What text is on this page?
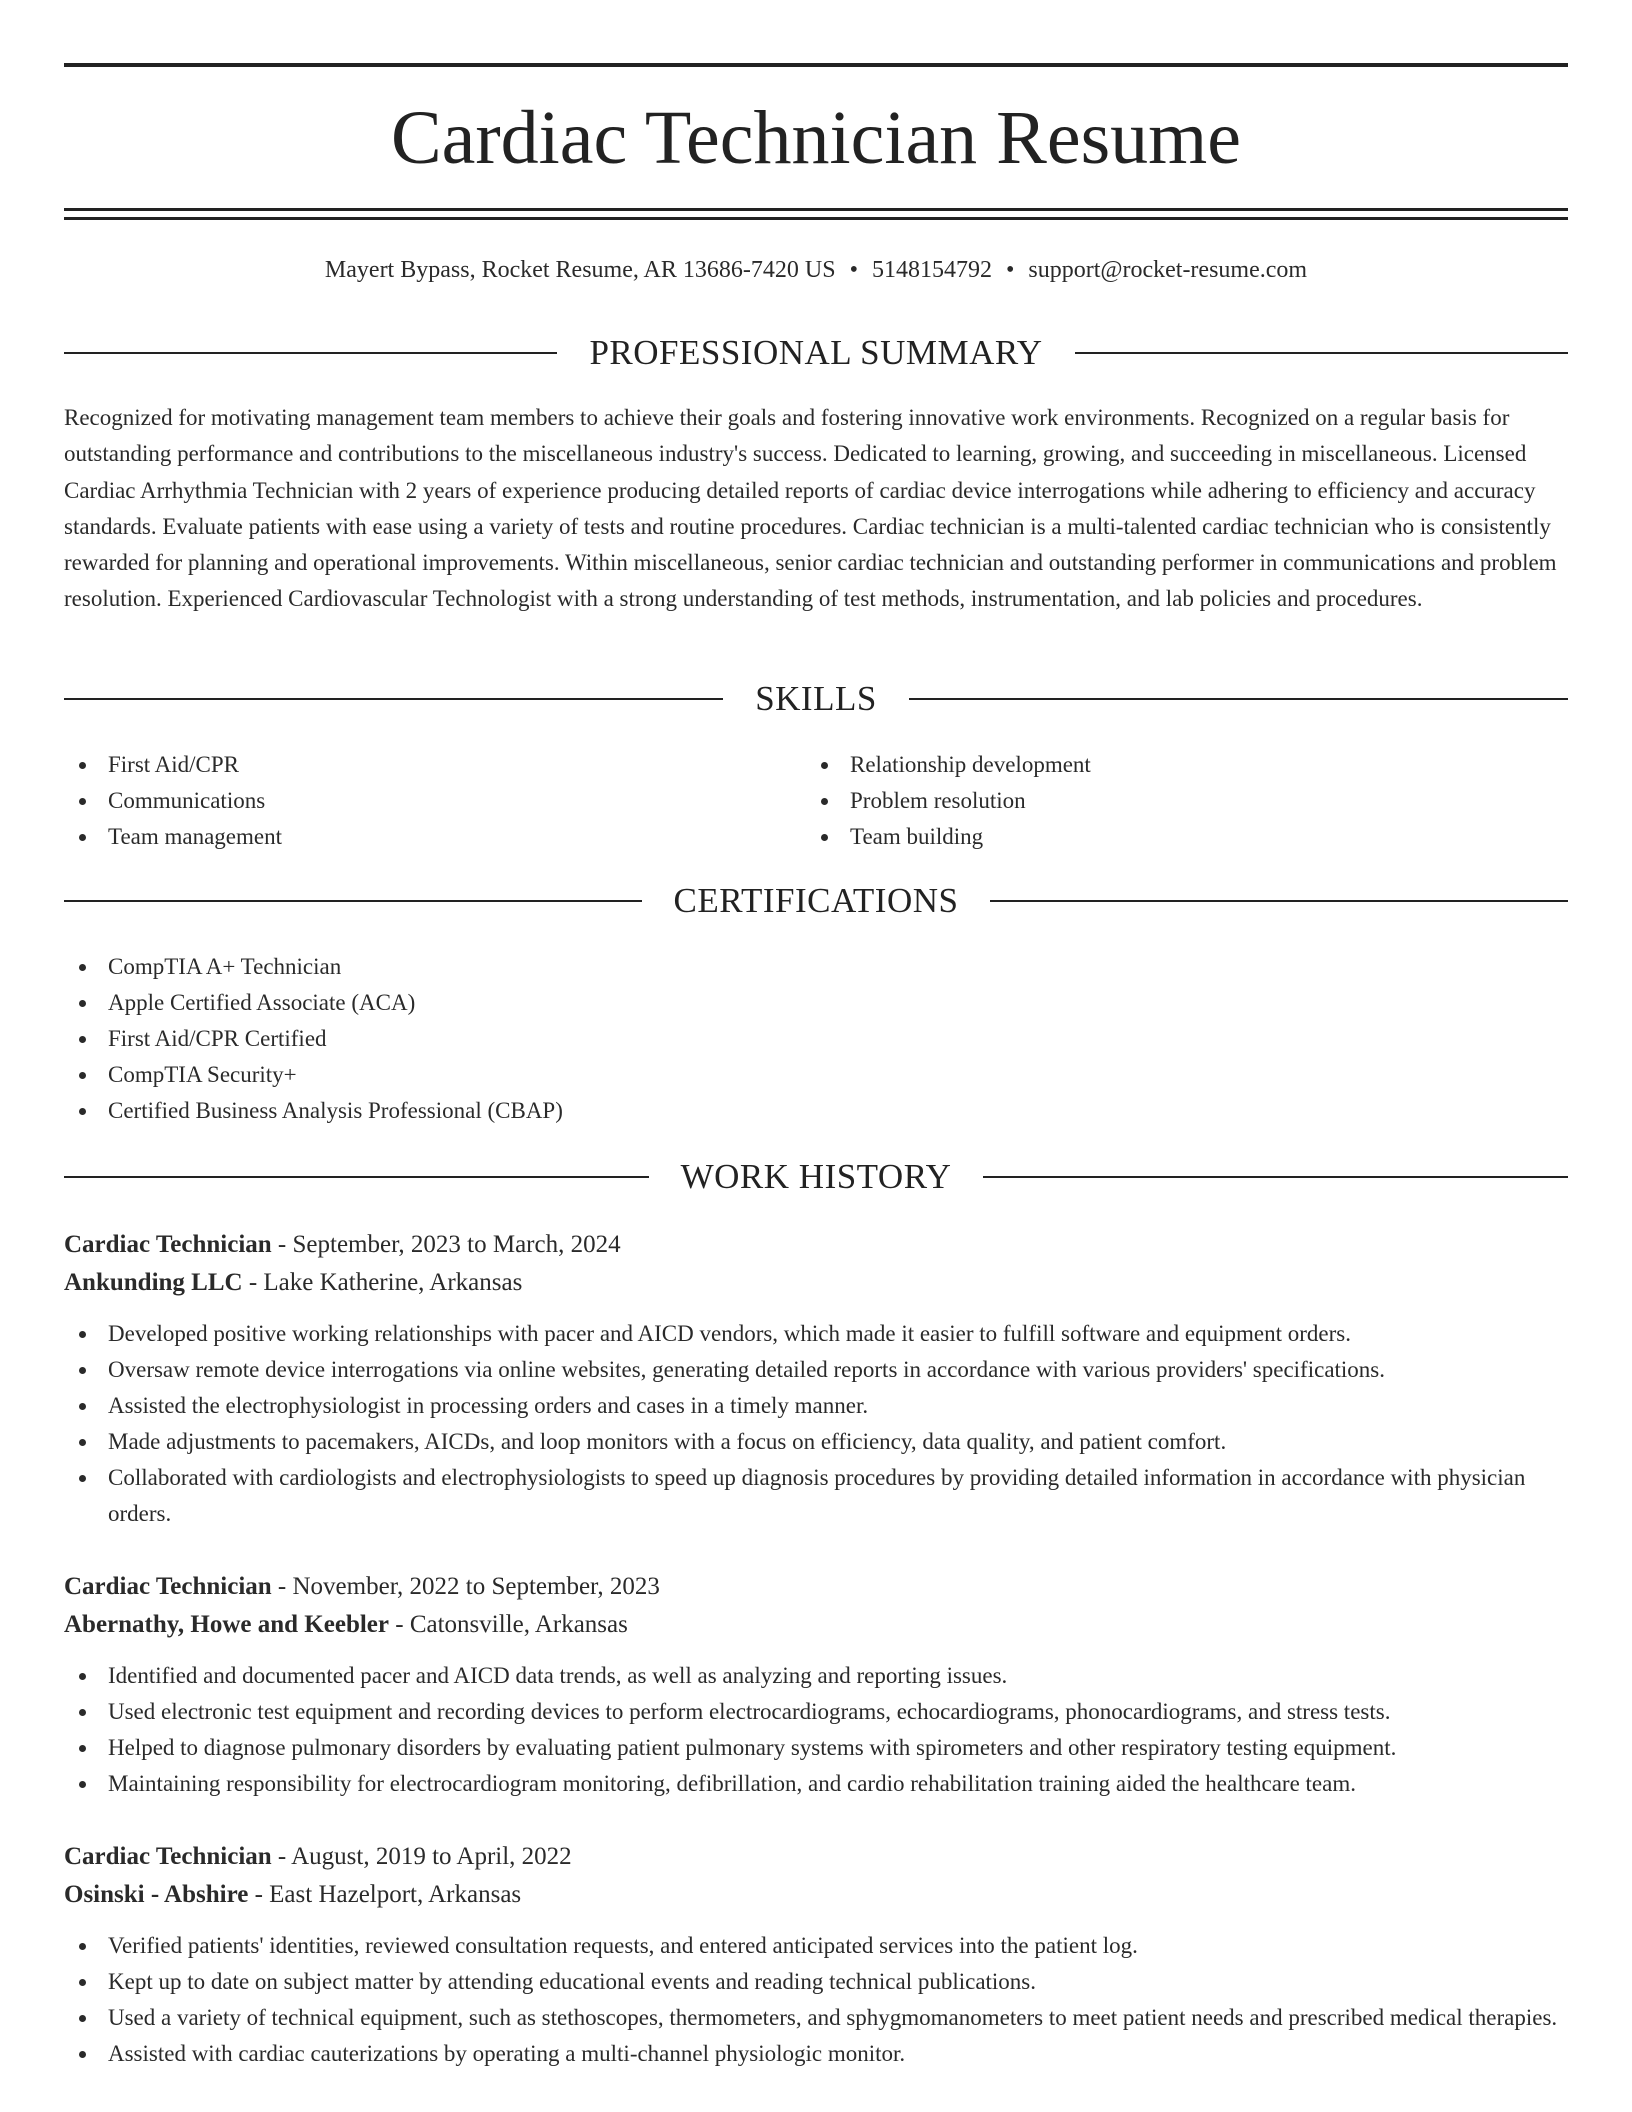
Cardiac Technician Resume
Mayert Bypass, Rocket Resume, AR 13686-7420 US • 5148154792 • support@rocket-resume.com
PROFESSIONAL SUMMARY

Recognized for motivating management team members to achieve their goals and fostering innovative work environments. Recognized on a regular basis for outstanding performance and contributions to the miscellaneous industry's success. Dedicated to learning, growing, and succeeding in miscellaneous. Licensed Cardiac Arrhythmia Technician with 2 years of experience producing detailed reports of cardiac device interrogations while adhering to efficiency and accuracy standards. Evaluate patients with ease using a variety of tests and routine procedures. Cardiac technician is a multi-talented cardiac technician who is consistently rewarded for planning and operational improvements. Within miscellaneous, senior cardiac technician and outstanding performer in communications and problem resolution. Experienced Cardiovascular Technologist with a strong understanding of test methods, instrumentation, and lab policies and procedures.

SKILLS
First Aid/CPR
Communications
Team management
Relationship development
Problem resolution
Team building
CERTIFICATIONS
CompTIA A+ Technician
Apple Certified Associate (ACA)
First Aid/CPR Certified
CompTIA Security+
Certified Business Analysis Professional (CBAP)
WORK HISTORY
Cardiac Technician - September, 2023 to March, 2024
Ankunding LLC - Lake Katherine, Arkansas
Developed positive working relationships with pacer and AICD vendors, which made it easier to fulfill software and equipment orders.
Oversaw remote device interrogations via online websites, generating detailed reports in accordance with various providers' specifications.
Assisted the electrophysiologist in processing orders and cases in a timely manner.
Made adjustments to pacemakers, AICDs, and loop monitors with a focus on efficiency, data quality, and patient comfort.
Collaborated with cardiologists and electrophysiologists to speed up diagnosis procedures by providing detailed information in accordance with physician orders.
Cardiac Technician - November, 2022 to September, 2023
Abernathy, Howe and Keebler - Catonsville, Arkansas
Identified and documented pacer and AICD data trends, as well as analyzing and reporting issues.
Used electronic test equipment and recording devices to perform electrocardiograms, echocardiograms, phonocardiograms, and stress tests.
Helped to diagnose pulmonary disorders by evaluating patient pulmonary systems with spirometers and other respiratory testing equipment.
Maintaining responsibility for electrocardiogram monitoring, defibrillation, and cardio rehabilitation training aided the healthcare team.
Cardiac Technician - August, 2019 to April, 2022
Osinski - Abshire - East Hazelport, Arkansas
Verified patients' identities, reviewed consultation requests, and entered anticipated services into the patient log.
Kept up to date on subject matter by attending educational events and reading technical publications.
Used a variety of technical equipment, such as stethoscopes, thermometers, and sphygmomanometers to meet patient needs and prescribed medical therapies.
Assisted with cardiac cauterizations by operating a multi-channel physiologic monitor.
